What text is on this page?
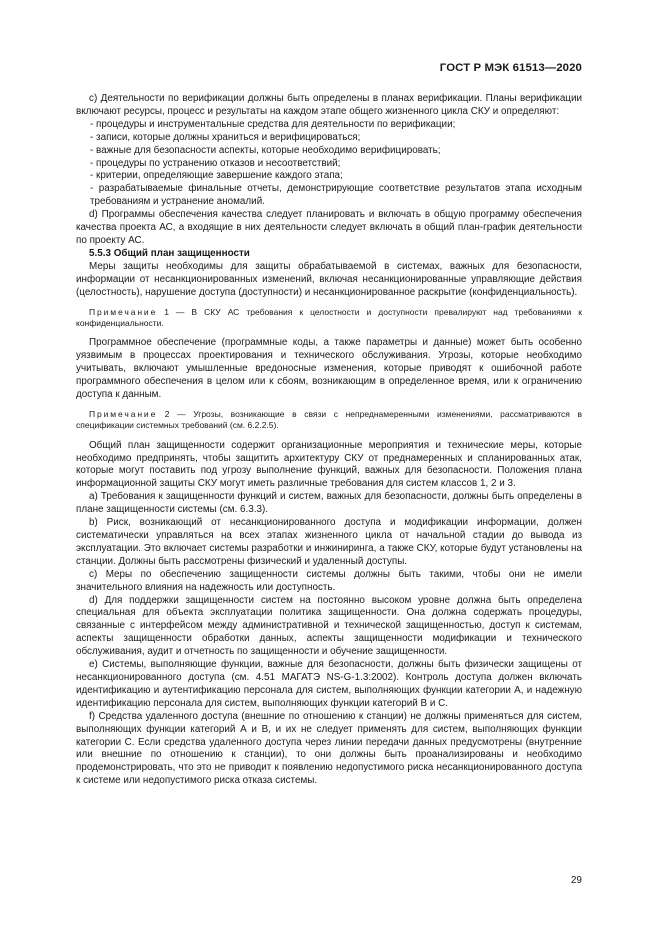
ГОСТ Р МЭК 61513—2020

c) Деятельности по верификации должны быть определены в планах верификации. Планы верификации включают ресурсы, процесс и результаты на каждом этапе общего жизненного цикла СКУ и определяют:

- процедуры и инструментальные средства для деятельности по верификации;
- записи, которые должны храниться и верифицироваться;
- важные для безопасности аспекты, которые необходимо верифицировать;
- процедуры по устранению отказов и несоответствий;
- критерии, определяющие завершение каждого этапа;
- разрабатываемые финальные отчеты, демонстрирующие соответствие результатов этапа исходным требованиям и устранение аномалий.

d) Программы обеспечения качества следует планировать и включать в общую программу обеспечения качества проекта АС, а входящие в них деятельности следует включать в общий план-график деятельности по проекту АС.

5.5.3 Общий план защищенности

Меры защиты необходимы для защиты обрабатываемой в системах, важных для безопасности, информации от несанкционированных изменений, включая несанкционированные управляющие действия (целостность), нарушение доступа (доступности) и несанкционированное раскрытие (конфиденциальность).

Примечание 1 — В СКУ АС требования к целостности и доступности превалируют над требованиями к конфиденциальности.

Программное обеспечение (программные коды, а также параметры и данные) может быть особенно уязвимым в процессах проектирования и технического обслуживания. Угрозы, которые необходимо учитывать, включают умышленные вредоносные изменения, которые приводят к ошибочной работе программного обеспечения в целом или к сбоям, возникающим в определенное время, или к ограничению доступа к данным.

Примечание 2 — Угрозы, возникающие в связи с непреднамеренными изменениями, рассматриваются в спецификации системных требований (см. 6.2.2.5).

Общий план защищенности содержит организационные мероприятия и технические меры, которые необходимо предпринять, чтобы защитить архитектуру СКУ от преднамеренных и спланированных атак, которые могут поставить под угрозу выполнение функций, важных для безопасности. Положения плана информационной защиты СКУ могут иметь различные требования для систем классов 1, 2 и 3.

a) Требования к защищенности функций и систем, важных для безопасности, должны быть определены в плане защищенности системы (см. 6.3.3).

b) Риск, возникающий от несанкционированного доступа и модификации информации, должен систематически управляться на всех этапах жизненного цикла от начальной стадии до вывода из эксплуатации. Это включает системы разработки и инжиниринга, а также СКУ, которые будут установлены на станции. Должны быть рассмотрены физический и удаленный доступы.

c) Меры по обеспечению защищенности системы должны быть такими, чтобы они не имели значительного влияния на надежность или доступность.

d) Для поддержки защищенности систем на постоянно высоком уровне должна быть определена специальная для объекта эксплуатации политика защищенности. Она должна содержать процедуры, связанные с интерфейсом между административной и технической защищенностью, доступ к системам, аспекты защищенности обработки данных, аспекты защищенности модификации и технического обслуживания, аудит и отчетность по защищенности и обучение защищенности.

e) Системы, выполняющие функции, важные для безопасности, должны быть физически защищены от несанкционированного доступа (см. 4.51 МАГАТЭ NS-G-1.3:2002). Контроль доступа должен включать идентификацию и аутентификацию персонала для систем, выполняющих функции категории А, и надежную идентификацию персонала для систем, выполняющих функции категорий В и С.

f) Средства удаленного доступа (внешние по отношению к станции) не должны применяться для систем, выполняющих функции категорий А и В, и их не следует применять для систем, выполняющих функции категории С. Если средства удаленного доступа через линии передачи данных предусмотрены (внутренние или внешние по отношению к станции), то они должны быть проанализированы и необходимо продемонстрировать, что это не приводит к появлению недопустимого риска несанкционированного доступа к системе или недопустимого риска отказа системы.

29
